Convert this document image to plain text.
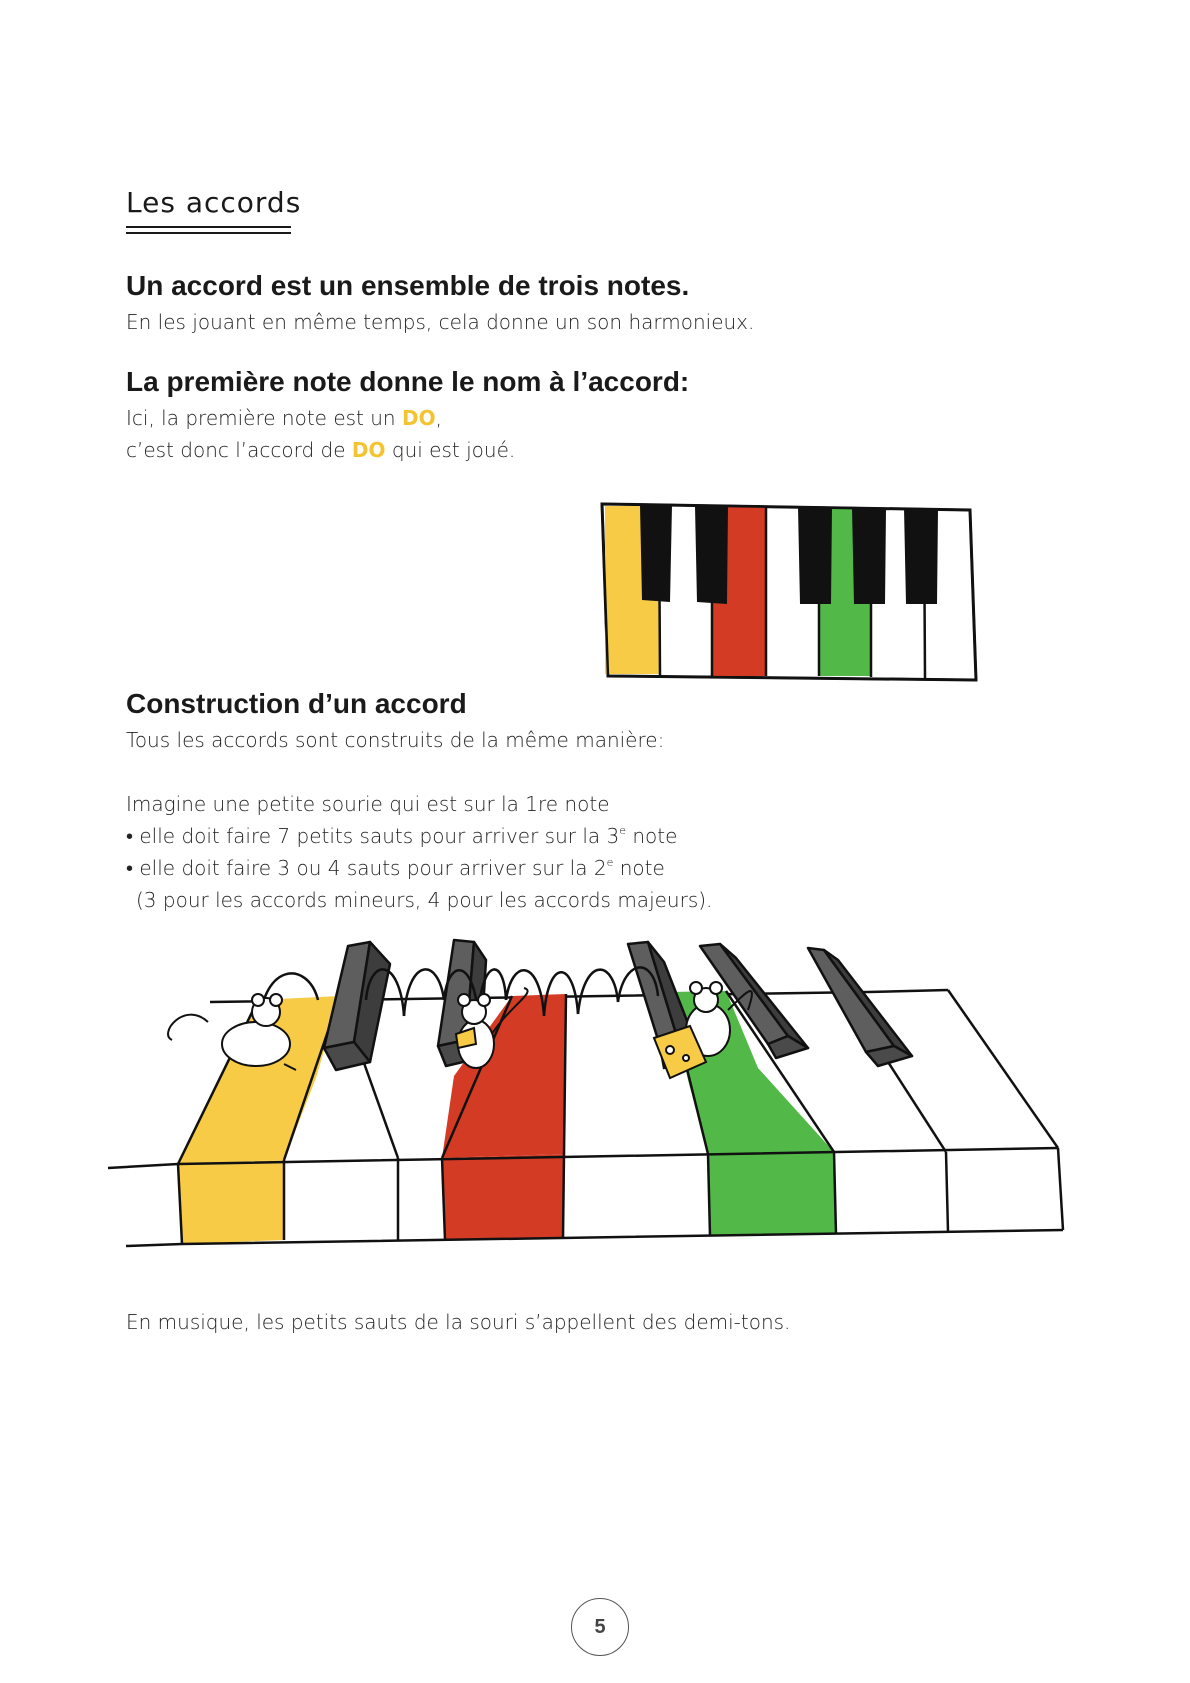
Les accords
Un accord est un ensemble de trois notes.

En les jouant en même temps, cela donne un son harmonieux.

La première note donne le nom à l’accord:

Ici, la première note est un DO,
c’est donc l’accord de DO qui est joué.

Construction d’un accord

Tous les accords sont construits de la même manière:

Imagine une petite sourie qui est sur la 1re note
• elle doit faire 7 petits sauts pour arriver sur la 3e note
• elle doit faire 3 ou 4 sauts pour arriver sur la 2e note
(3 pour les accords mineurs, 4 pour les accords majeurs).

En musique, les petits sauts de la souri s’appellent des demi-tons.

5
